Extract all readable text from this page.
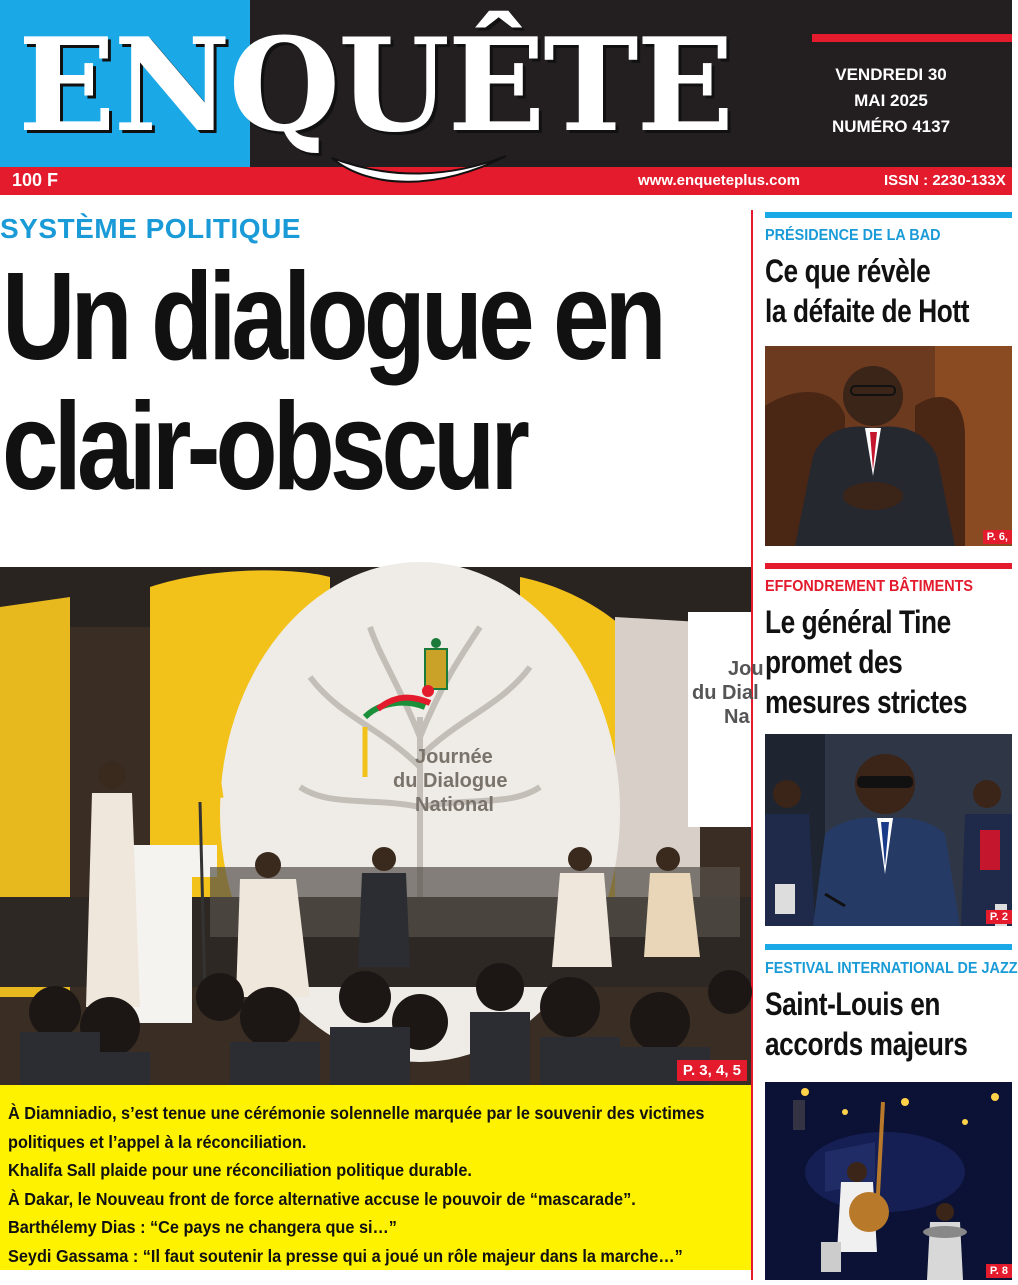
ENQUÊTE	VENDREDI 30
MAI 2025
NUMÉRO 4137
100 F	www.enqueteplus.com	ISSN : 2230-133X
SYSTÈME POLITIQUE
Un dialogue en
clair-obscur
Journée
du Dialogue
National
Jou
du Dial
Na
P. 3, 4, 5

À Diamniadio, s’est tenue une cérémonie solennelle marquée par le souvenir des victimes

politiques et l’appel à la réconciliation.

Khalifa Sall plaide pour une réconciliation politique durable.

À Dakar, le Nouveau front de force alternative accuse le pouvoir de “mascarade”.

Barthélemy Dias : “Ce pays ne changera que si…”

Seydi Gassama : “Il faut soutenir la presse qui a joué un rôle majeur dans la marche…”

PRÉSIDENCE DE LA BAD
Ce que révèle
la défaite de Hott
P. 6,
EFFONDREMENT BÂTIMENTS
Le général Tine
promet des
mesures strictes
P. 2
FESTIVAL INTERNATIONAL DE JAZZ
Saint-Louis en
accords majeurs
P. 8
